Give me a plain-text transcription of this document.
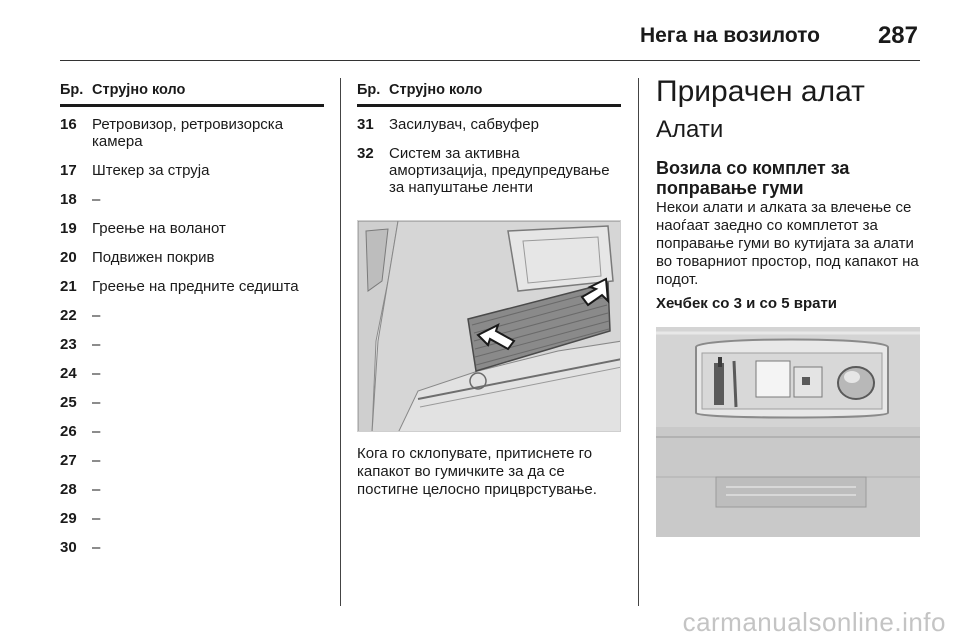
Нега на возилото 287
Бр. Струјно коло
16	Ретровизор, ретровизорска камера
17	Штекер за струја
18	–
19	Греење на воланот
20	Подвижен покрив
21	Греење на предните седишта
22	–
23	–
24	–
25	–
26	–
27	–
28	–
29	–
30	–
Бр. Струјно коло
31	Засилувач, сабвуфер
32	Систем за активна амортизација, предупредување за напуштање ленти
Кога го склопувате, притиснете го капакот во гумичките за да се постигне целосно прицврстување.
Прирачен алат
Алати
Возила со комплет за поправање гуми
Некои алати и алката за влечење се наоѓаат заедно со комплетот за поправање гуми во кутијата за алати во товарниот простор, под капакот на подот.
Хечбек со 3 и со 5 врати
carmanualsonline.info
